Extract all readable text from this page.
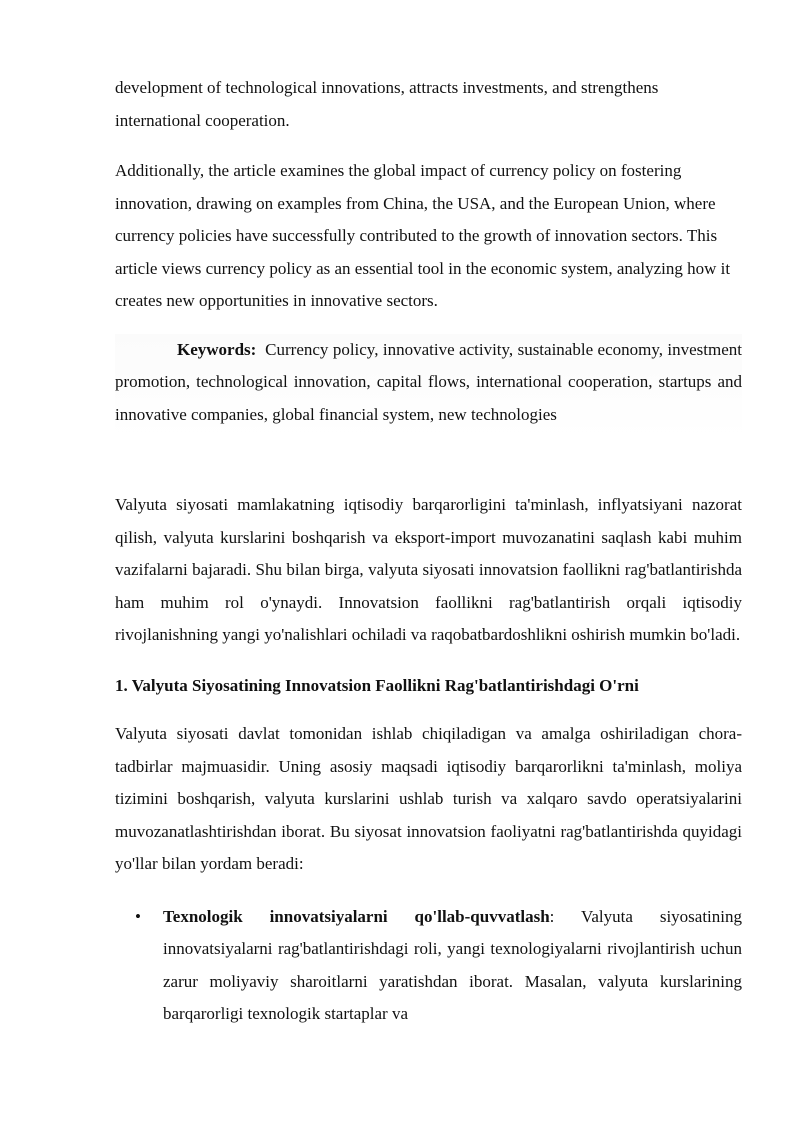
development of technological innovations, attracts investments, and strengthens international cooperation.

Additionally, the article examines the global impact of currency policy on fostering innovation, drawing on examples from China, the USA, and the European Union, where currency policies have successfully contributed to the growth of innovation sectors. This article views currency policy as an essential tool in the economic system, analyzing how it creates new opportunities in innovative sectors.

Keywords: Currency policy, innovative activity, sustainable economy, investment promotion, technological innovation, capital flows, international cooperation, startups and innovative companies, global financial system, new technologies

Valyuta siyosati mamlakatning iqtisodiy barqarorligini ta'minlash, inflyatsiyani nazorat qilish, valyuta kurslarini boshqarish va eksport-import muvozanatini saqlash kabi muhim vazifalarni bajaradi. Shu bilan birga, valyuta siyosati innovatsion faollikni rag'batlantirishda ham muhim rol o'ynaydi. Innovatsion faollikni rag'batlantirish orqali iqtisodiy rivojlanishning yangi yo'nalishlari ochiladi va raqobatbardoshlikni oshirish mumkin bo'ladi.

1. Valyuta Siyosatining Innovatsion Faollikni Rag'batlantirishdagi O'rni

Valyuta siyosati davlat tomonidan ishlab chiqiladigan va amalga oshiriladigan chora-tadbirlar majmuasidir. Uning asosiy maqsadi iqtisodiy barqarorlikni ta'minlash, moliya tizimini boshqarish, valyuta kurslarini ushlab turish va xalqaro savdo operatsiyalarini muvozanatlashtirishdan iborat. Bu siyosat innovatsion faoliyatni rag'batlantirishda quyidagi yo'llar bilan yordam beradi:

• Texnologik innovatsiyalarni qo'llab-quvvatlash: Valyuta siyosatining innovatsiyalarni rag'batlantirishdagi roli, yangi texnologiyalarni rivojlantirish uchun zarur moliyaviy sharoitlarni yaratishdan iborat. Masalan, valyuta kurslarining barqarorligi texnologik startaplar va
